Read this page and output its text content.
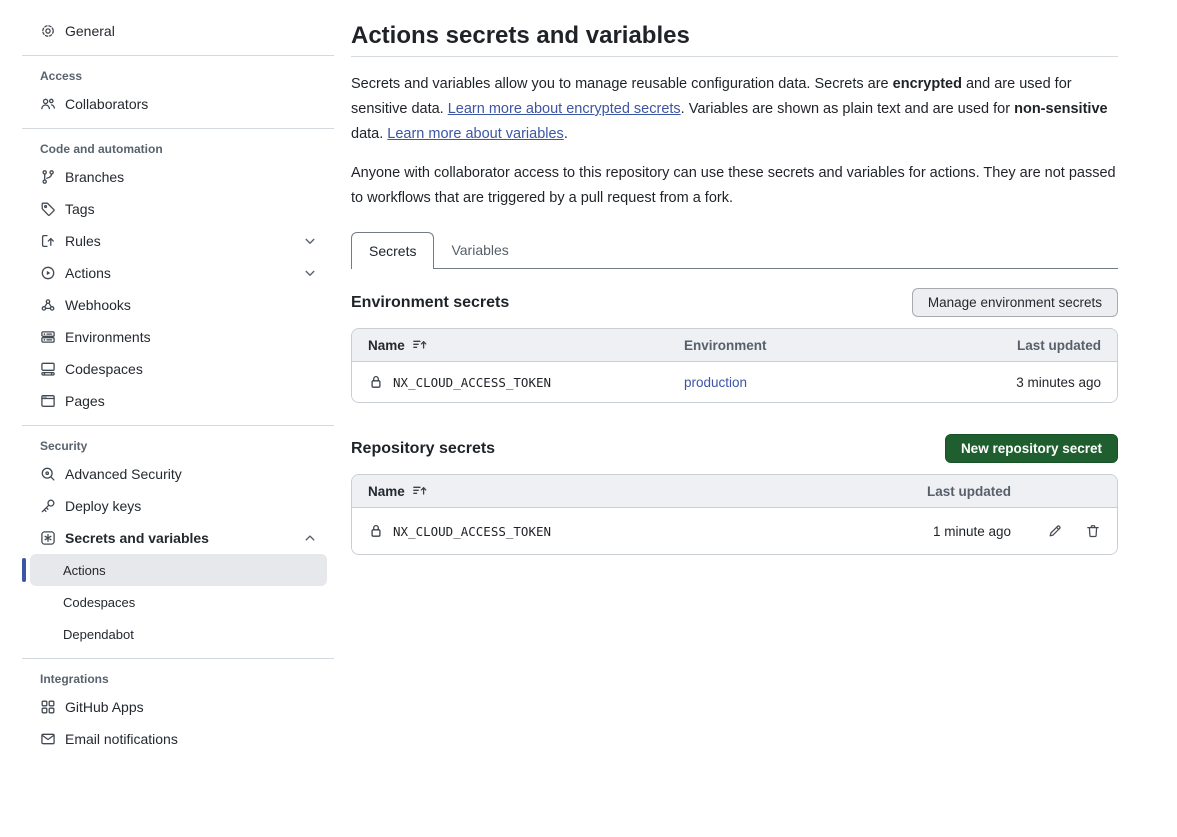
General
Access
Collaborators
Code and automation
Branches
Tags
Rules
Actions
Webhooks
Environments
Codespaces
Pages
Security
Advanced Security
Deploy keys
Secrets and variables
Actions
Codespaces
Dependabot
Integrations
GitHub Apps
Email notifications
Actions secrets and variables

Secrets and variables allow you to manage reusable configuration data. Secrets are encrypted and are used for sensitive data. Learn more about encrypted secrets. Variables are shown as plain text and are used for non-sensitive data. Learn more about variables.

Anyone with collaborator access to this repository can use these secrets and variables for actions. They are not passed to workflows that are triggered by a pull request from a fork.

Secrets	Variables
Environment secrets	Manage environment secrets
Name	Environment	Last updated
NX_CLOUD_ACCESS_TOKEN	production	3 minutes ago
Repository secrets	New repository secret
Name	Last updated
NX_CLOUD_ACCESS_TOKEN	1 minute ago
